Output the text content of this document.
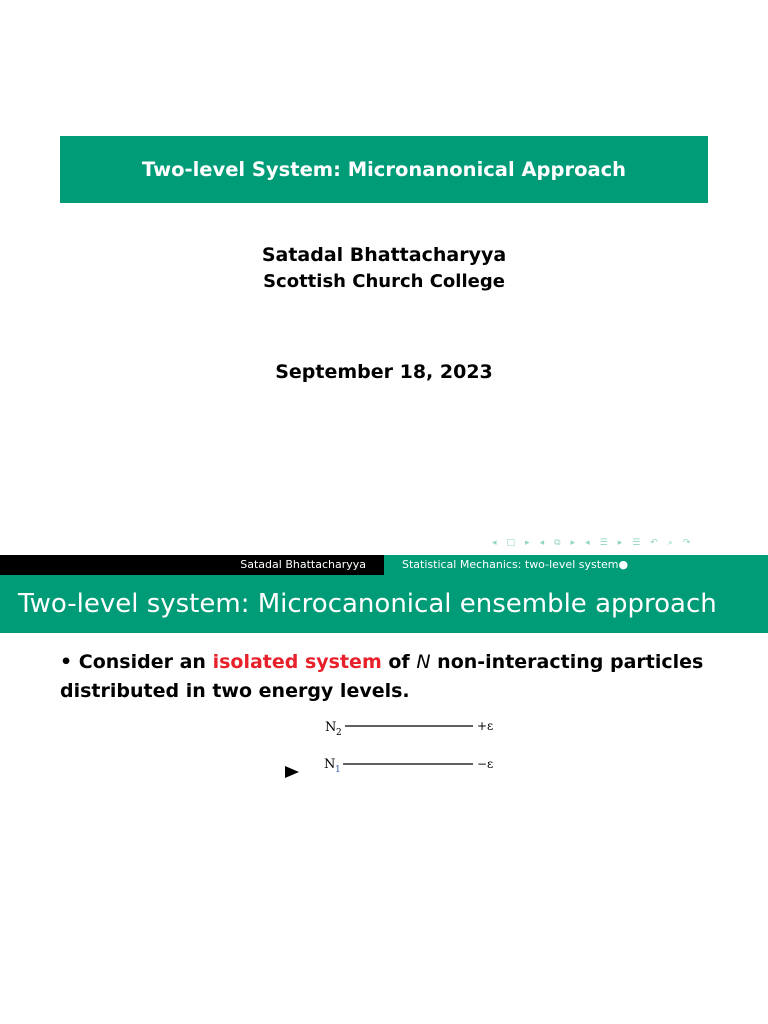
Two-level System: Micronanonical Approach
Satadal Bhattacharyya
Scottish Church College
September 18, 2023
◂ □ ▸ ◂ ⧉ ▸ ◂ ☰ ▸ ☰ ↶ ⌕ ↷
Satadal Bhattacharyya	Statistical Mechanics: two-level system●
Two-level system: Microcanonical ensemble approach
• Consider an isolated system of N non-interacting particles distributed in two energy levels.
N 2	+ε
N 1	−ε
